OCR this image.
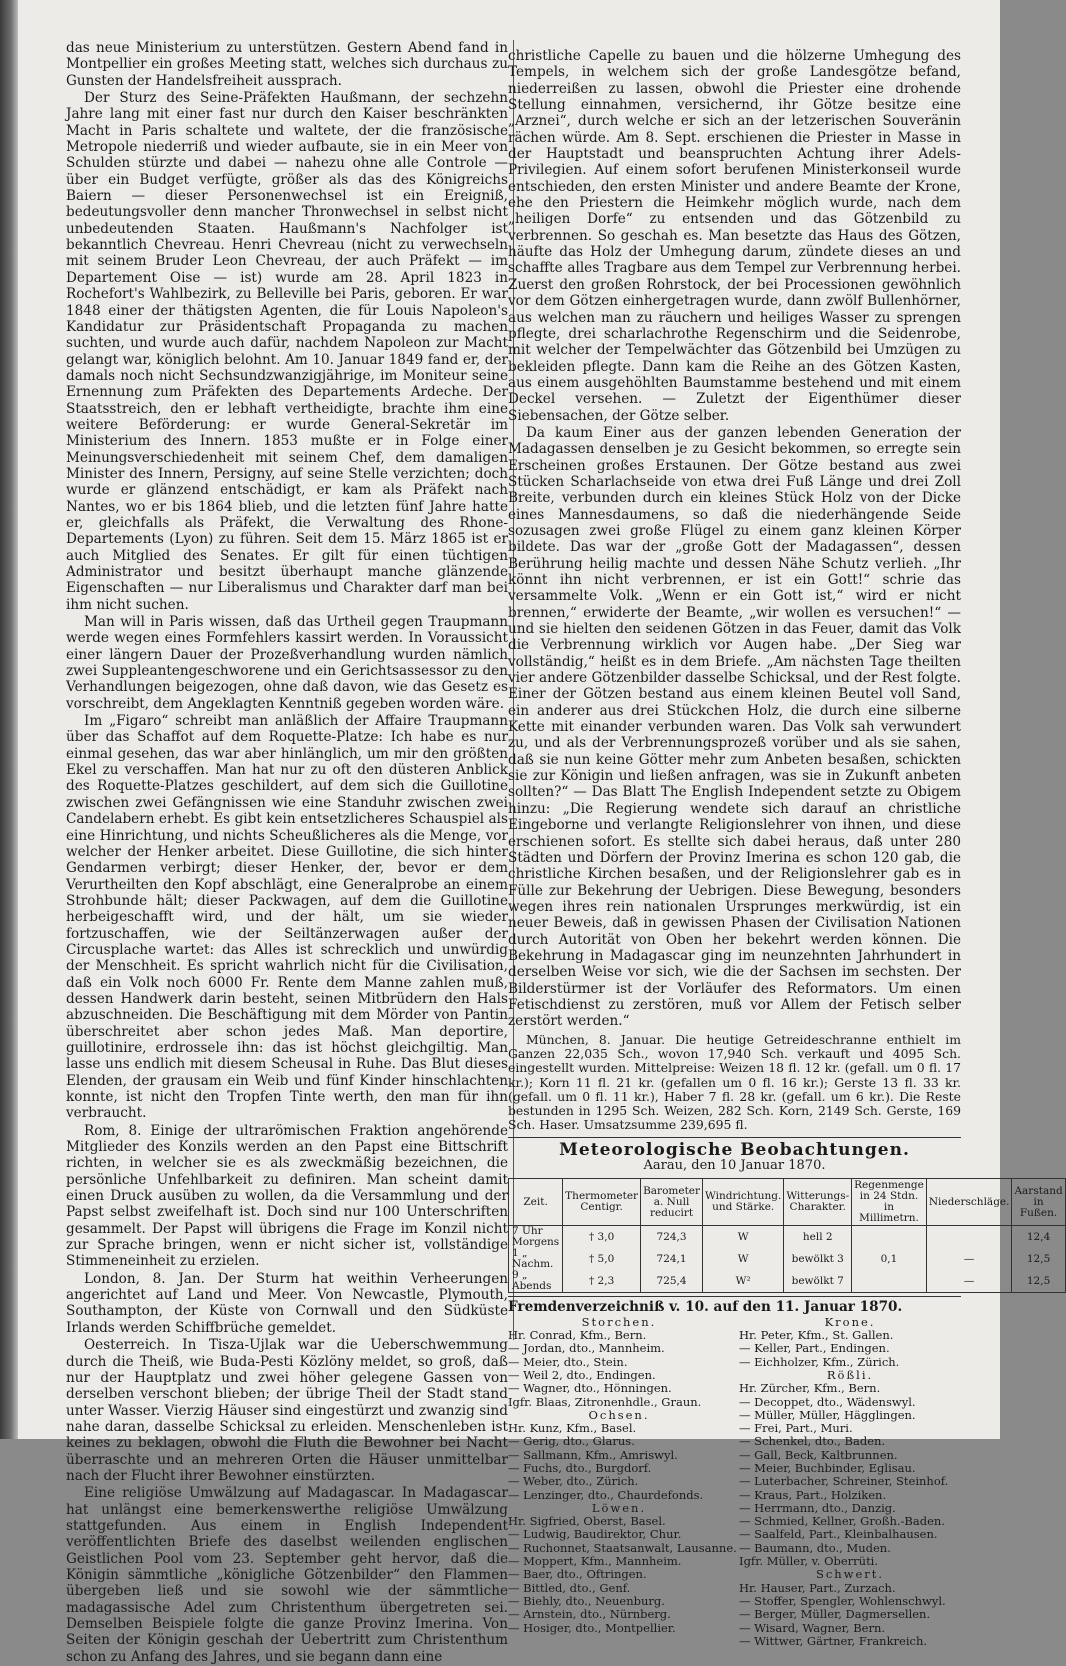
das neue Ministerium zu unterstützen. Gestern Abend fand in Montpellier ein großes Meeting statt, welches sich durchaus zu Gunsten der Handelsfreiheit aussprach.

Der Sturz des Seine-Präfekten Haußmann, der sechzehn Jahre lang mit einer fast nur durch den Kaiser beschränkten Macht in Paris schaltete und waltete, der die französische Metropole niederriß und wieder aufbaute, sie in ein Meer von Schulden stürzte und dabei — nahezu ohne alle Controle — über ein Budget verfügte, größer als das des Königreichs Baiern — dieser Personenwechsel ist ein Ereigniß, bedeutungsvoller denn mancher Thronwechsel in selbst nicht unbedeutenden Staaten. Haußmann's Nachfolger ist bekanntlich Chevreau. Henri Chevreau (nicht zu verwechseln mit seinem Bruder Leon Chevreau, der auch Präfekt — im Departement Oise — ist) wurde am 28. April 1823 in Rochefort's Wahlbezirk, zu Belleville bei Paris, geboren. Er war 1848 einer der thätigsten Agenten, die für Louis Napoleon's Kandidatur zur Präsidentschaft Propaganda zu machen suchten, und wurde auch dafür, nachdem Napoleon zur Macht gelangt war, königlich belohnt. Am 10. Januar 1849 fand er, der damals noch nicht Sechsundzwanzigjährige, im Moniteur seine Ernennung zum Präfekten des Departements Ardeche. Der Staatsstreich, den er lebhaft vertheidigte, brachte ihm eine weitere Beförderung: er wurde General-Sekretär im Ministerium des Innern. 1853 mußte er in Folge einer Meinungsverschiedenheit mit seinem Chef, dem damaligen Minister des Innern, Persigny, auf seine Stelle verzichten; doch wurde er glänzend entschädigt, er kam als Präfekt nach Nantes, wo er bis 1864 blieb, und die letzten fünf Jahre hatte er, gleichfalls als Präfekt, die Verwaltung des Rhone-Departements (Lyon) zu führen. Seit dem 15. März 1865 ist er auch Mitglied des Senates. Er gilt für einen tüchtigen Administrator und besitzt überhaupt manche glänzende Eigenschaften — nur Liberalismus und Charakter darf man bei ihm nicht suchen.

Man will in Paris wissen, daß das Urtheil gegen Traupmann werde wegen eines Formfehlers kassirt werden. In Voraussicht einer längern Dauer der Prozeßverhandlung wurden nämlich zwei Suppleantengeschworene und ein Gerichtsassessor zu den Verhandlungen beigezogen, ohne daß davon, wie das Gesetz es vorschreibt, dem Angeklagten Kenntniß gegeben worden wäre.

Im „Figaro“ schreibt man anläßlich der Affaire Traupmann über das Schaffot auf dem Roquette-Platze: Ich habe es nur einmal gesehen, das war aber hinlänglich, um mir den größten Ekel zu verschaffen. Man hat nur zu oft den düsteren Anblick des Roquette-Platzes geschildert, auf dem sich die Guillotine zwischen zwei Gefängnissen wie eine Standuhr zwischen zwei Candelabern erhebt. Es gibt kein entsetzlicheres Schauspiel als eine Hinrichtung, und nichts Scheußlicheres als die Menge, vor welcher der Henker arbeitet. Diese Guillotine, die sich hinter Gendarmen verbirgt; dieser Henker, der, bevor er dem Verurtheilten den Kopf abschlägt, eine Generalprobe an einem Strohbunde hält; dieser Packwagen, auf dem die Guillotine herbeigeschafft wird, und der hält, um sie wieder fortzuschaffen, wie der Seiltänzerwagen außer der Circusplache wartet: das Alles ist schrecklich und unwürdig der Menschheit. Es spricht wahrlich nicht für die Civilisation, daß ein Volk noch 6000 Fr. Rente dem Manne zahlen muß, dessen Handwerk darin besteht, seinen Mitbrüdern den Hals abzuschneiden. Die Beschäftigung mit dem Mörder von Pantin überschreitet aber schon jedes Maß. Man deportire, guillotinire, erdrossele ihn: das ist höchst gleichgiltig. Man lasse uns endlich mit diesem Scheusal in Ruhe. Das Blut dieses Elenden, der grausam ein Weib und fünf Kinder hinschlachten konnte, ist nicht den Tropfen Tinte werth, den man für ihn verbraucht.

Rom, 8. Einige der ultrarömischen Fraktion angehörende Mitglieder des Konzils werden an den Papst eine Bittschrift richten, in welcher sie es als zweckmäßig bezeichnen, die persönliche Unfehlbarkeit zu definiren. Man scheint damit einen Druck ausüben zu wollen, da die Versammlung und der Papst selbst zweifelhaft ist. Doch sind nur 100 Unterschriften gesammelt. Der Papst will übrigens die Frage im Konzil nicht zur Sprache bringen, wenn er nicht sicher ist, vollständige Stimmeneinheit zu erzielen.

London, 8. Jan. Der Sturm hat weithin Verheerungen angerichtet auf Land und Meer. Von Newcastle, Plymouth, Southampton, der Küste von Cornwall und den Südküste Irlands werden Schiffbrüche gemeldet.

Oesterreich. In Tisza-Ujlak war die Ueberschwemmung durch die Theiß, wie Buda-Pesti Közlöny meldet, so groß, daß nur der Hauptplatz und zwei höher gelegene Gassen von derselben verschont blieben; der übrige Theil der Stadt stand unter Wasser. Vierzig Häuser sind eingestürzt und zwanzig sind nahe daran, dasselbe Schicksal zu erleiden. Menschenleben ist keines zu beklagen, obwohl die Fluth die Bewohner bei Nacht überraschte und an mehreren Orten die Häuser unmittelbar nach der Flucht ihrer Bewohner einstürzten.

Eine religiöse Umwälzung auf Madagascar. In Madagascar hat unlängst eine bemerkenswerthe religiöse Umwälzung stattgefunden. Aus einem in English Independent veröffentlichten Briefe des daselbst weilenden englischen Geistlichen Pool vom 23. September geht hervor, daß die Königin sämmtliche „königliche Götzenbilder“ den Flammen übergeben ließ und sie sowohl wie der sämmtliche madagassische Adel zum Christenthum übergetreten sei. Demselben Beispiele folgte die ganze Provinz Imerina. Von Seiten der Königin geschah der Uebertritt zum Christenthum schon zu Anfang des Jahres, und sie begann dann eine

christliche Capelle zu bauen und die hölzerne Umhegung des Tempels, in welchem sich der große Landesgötze befand, niederreißen zu lassen, obwohl die Priester eine drohende Stellung einnahmen, versichernd, ihr Götze besitze eine „Arznei“, durch welche er sich an der letzerischen Souveränin rächen würde. Am 8. Sept. erschienen die Priester in Masse in der Hauptstadt und beanspruchten Achtung ihrer Adels-Privilegien. Auf einem sofort berufenen Ministerkonseil wurde entschieden, den ersten Minister und andere Beamte der Krone, ehe den Priestern die Heimkehr möglich wurde, nach dem „heiligen Dorfe“ zu entsenden und das Götzenbild zu verbrennen. So geschah es. Man besetzte das Haus des Götzen, häufte das Holz der Umhegung darum, zündete dieses an und schaffte alles Tragbare aus dem Tempel zur Verbrennung herbei. Zuerst den großen Rohrstock, der bei Processionen gewöhnlich vor dem Götzen einhergetragen wurde, dann zwölf Bullenhörner, aus welchen man zu räuchern und heiliges Wasser zu sprengen pflegte, drei scharlachrothe Regenschirm und die Seidenrobe, mit welcher der Tempelwächter das Götzenbild bei Umzügen zu bekleiden pflegte. Dann kam die Reihe an des Götzen Kasten, aus einem ausgehöhlten Baumstamme bestehend und mit einem Deckel versehen. — Zuletzt der Eigenthümer dieser Siebensachen, der Götze selber.

Da kaum Einer aus der ganzen lebenden Generation der Madagassen denselben je zu Gesicht bekommen, so erregte sein Erscheinen großes Erstaunen. Der Götze bestand aus zwei Stücken Scharlachseide von etwa drei Fuß Länge und drei Zoll Breite, verbunden durch ein kleines Stück Holz von der Dicke eines Mannesdaumens, so daß die niederhängende Seide sozusagen zwei große Flügel zu einem ganz kleinen Körper bildete. Das war der „große Gott der Madagassen“, dessen Berührung heilig machte und dessen Nähe Schutz verlieh. „Ihr könnt ihn nicht verbrennen, er ist ein Gott!“ schrie das versammelte Volk. „Wenn er ein Gott ist,“ wird er nicht brennen,“ erwiderte der Beamte, „wir wollen es versuchen!“ — und sie hielten den seidenen Götzen in das Feuer, damit das Volk die Verbrennung wirklich vor Augen habe. „Der Sieg war vollständig,“ heißt es in dem Briefe. „Am nächsten Tage theilten vier andere Götzenbilder dasselbe Schicksal, und der Rest folgte. Einer der Götzen bestand aus einem kleinen Beutel voll Sand, ein anderer aus drei Stückchen Holz, die durch eine silberne Kette mit einander verbunden waren. Das Volk sah verwundert zu, und als der Verbrennungsprozeß vorüber und als sie sahen, daß sie nun keine Götter mehr zum Anbeten besaßen, schickten sie zur Königin und ließen anfragen, was sie in Zukunft anbeten sollten?“ — Das Blatt The English Independent setzte zu Obigem hinzu: „Die Regierung wendete sich darauf an christliche Eingeborne und verlangte Religionslehrer von ihnen, und diese erschienen sofort. Es stellte sich dabei heraus, daß unter 280 Städten und Dörfern der Provinz Imerina es schon 120 gab, die christliche Kirchen besaßen, und der Religionslehrer gab es in Fülle zur Bekehrung der Uebrigen. Diese Bewegung, besonders wegen ihres rein nationalen Ursprunges merkwürdig, ist ein neuer Beweis, daß in gewissen Phasen der Civilisation Nationen durch Autorität von Oben her bekehrt werden können. Die Bekehrung in Madagascar ging im neunzehnten Jahrhundert in derselben Weise vor sich, wie die der Sachsen im sechsten. Der Bilderstürmer ist der Vorläufer des Reformators. Um einen Fetischdienst zu zerstören, muß vor Allem der Fetisch selber zerstört werden.“

München, 8. Januar. Die heutige Getreideschranne enthielt im Ganzen 22,035 Sch., wovon 17,940 Sch. verkauft und 4095 Sch. eingestellt wurden. Mittelpreise: Weizen 18 fl. 12 kr. (gefall. um 0 fl. 17 kr.); Korn 11 fl. 21 kr. (gefallen um 0 fl. 16 kr.); Gerste 13 fl. 33 kr. (gefall. um 0 fl. 11 kr.), Haber 7 fl. 28 kr. (gefall. um 6 kr.). Die Reste bestunden in 1295 Sch. Weizen, 282 Sch. Korn, 2149 Sch. Gerste, 169 Sch. Haser. Umsatzsumme 239,695 fl.

Meteorologische Beobachtungen.
Aarau, den 10 Januar 1870.
Zeit.	Thermometer Centigr.	Barometer a. Null reducirt	Windrichtung. und Stärke.	Witterungs-Charakter.	Regenmenge in 24 Stdn. in Millimetrn.	Niederschläge.	Aarstand in Fußen.
7 Uhr Morgens	† 3,0	724,3	W	hell 2			12,4
1 „ Nachm.	† 5,0	724,1	W	bewölkt 3	0,1	—	12,5
9 „ Abends	† 2,3	725,4	W²	bewölkt 7		—	12,5
Fremdenverzeichniß v. 10. auf den 11. Januar 1870.
Storchen.
Hr. Conrad, Kfm., Bern.
— Jordan, dto., Mannheim.
— Meier, dto., Stein.
— Weil 2, dto., Endingen.
— Wagner, dto., Hönningen.
Igfr. Blaas, Zitronenhdle., Graun.
Ochsen.
Hr. Kunz, Kfm., Basel.
— Gerig, dto., Glarus.
— Sallmann, Kfm., Amriswyl.
— Fuchs, dto., Burgdorf.
— Weber, dto., Zürich.
— Lenzinger, dto., Chaurdefonds.
Löwen.
Hr. Sigfried, Oberst, Basel.
— Ludwig, Baudirektor, Chur.
— Ruchonnet, Staatsanwalt, Lausanne.
— Moppert, Kfm., Mannheim.
— Baer, dto., Oftringen.
— Bittled, dto., Genf.
— Biehly, dto., Neuenburg.
— Arnstein, dto., Nürnberg.
— Hosiger, dto., Montpellier.
Krone.
Hr. Peter, Kfm., St. Gallen.
— Keller, Part., Endingen.
— Eichholzer, Kfm., Zürich.
Rößli.
Hr. Zürcher, Kfm., Bern.
— Decoppet, dto., Wädenswyl.
— Müller, Müller, Hägglingen.
— Frei, Part., Muri.
— Schenkel, dto., Baden.
— Gall, Beck, Kaltbrunnen.
— Meier, Buchbinder, Eglisau.
— Luterbacher, Schreiner, Steinhof.
— Kraus, Part., Holziken.
— Herrmann, dto., Danzig.
— Schmied, Kellner, Großh.-Baden.
— Saalfeld, Part., Kleinbalhausen.
— Baumann, dto., Muden.
Igfr. Müller, v. Oberrüti.
Schwert.
Hr. Hauser, Part., Zurzach.
— Stoffer, Spengler, Wohlenschwyl.
— Berger, Müller, Dagmersellen.
— Wisard, Wagner, Bern.
— Wittwer, Gärtner, Frankreich.
